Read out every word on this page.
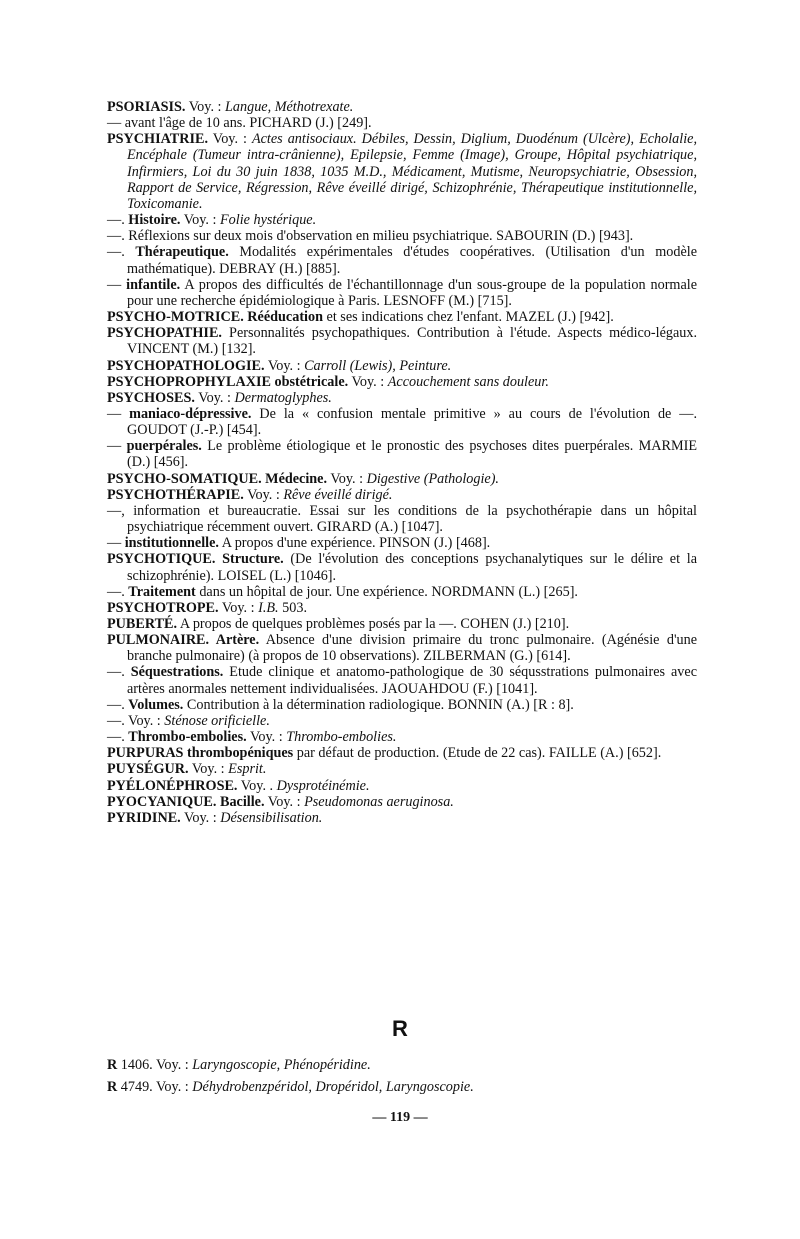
PSORIASIS. Voy. : Langue, Méthotrexate.

— avant l'âge de 10 ans. PICHARD (J.) [249].

PSYCHIATRIE. Voy. : Actes antisociaux. Débiles, Dessin, Diglium, Duodénum (Ulcère), Echolalie, Encéphale (Tumeur intra-crânienne), Epilepsie, Femme (Image), Groupe, Hôpital psychiatrique, Infirmiers, Loi du 30 juin 1838, 1035 M.D., Médicament, Mutisme, Neuropsychiatrie, Obsession, Rapport de Service, Régression, Rêve éveillé dirigé, Schizophrénie, Thérapeutique institutionnelle, Toxicomanie.

—. Histoire. Voy. : Folie hystérique.

—. Réflexions sur deux mois d'observation en milieu psychiatrique. SABOURIN (D.) [943].

—. Thérapeutique. Modalités expérimentales d'études coopératives. (Utilisation d'un modèle mathématique). DEBRAY (H.) [885].

— infantile. A propos des difficultés de l'échantillonnage d'un sous-groupe de la population normale pour une recherche épidémiologique à Paris. LESNOFF (M.) [715].

PSYCHO-MOTRICE. Rééducation et ses indications chez l'enfant. MAZEL (J.) [942].

PSYCHOPATHIE. Personnalités psychopathiques. Contribution à l'étude. Aspects médico-légaux. VINCENT (M.) [132].

PSYCHOPATHOLOGIE. Voy. : Carroll (Lewis), Peinture.

PSYCHOPROPHYLAXIE obstétricale. Voy. : Accouchement sans douleur.

PSYCHOSES. Voy. : Dermatoglyphes.

— maniaco-dépressive. De la « confusion mentale primitive » au cours de l'évolution de —. GOUDOT (J.-P.) [454].

— puerpérales. Le problème étiologique et le pronostic des psychoses dites puerpérales. MARMIE (D.) [456].

PSYCHO-SOMATIQUE. Médecine. Voy. : Digestive (Pathologie).

PSYCHOTHÉRAPIE. Voy. : Rêve éveillé dirigé.

—, information et bureaucratie. Essai sur les conditions de la psychothérapie dans un hôpital psychiatrique récemment ouvert. GIRARD (A.) [1047].

— institutionnelle. A propos d'une expérience. PINSON (J.) [468].

PSYCHOTIQUE. Structure. (De l'évolution des conceptions psychanalytiques sur le délire et la schizophrénie). LOISEL (L.) [1046].

—. Traitement dans un hôpital de jour. Une expérience. NORDMANN (L.) [265].

PSYCHOTROPE. Voy. : I.B. 503.

PUBERTÉ. A propos de quelques problèmes posés par la —. COHEN (J.) [210].

PULMONAIRE. Artère. Absence d'une division primaire du tronc pulmonaire. (Agénésie d'une branche pulmonaire) (à propos de 10 observations). ZILBERMAN (G.) [614].

—. Séquestrations. Etude clinique et anatomo-pathologique de 30 séqusstrations pulmonaires avec artères anormales nettement individualisées. JAOUAHDOU (F.) [1041].

—. Volumes. Contribution à la détermination radiologique. BONNIN (A.) [R : 8].

—. Voy. : Sténose orificielle.

—. Thrombo-embolies. Voy. : Thrombo-embolies.

PURPURAS thrombopéniques par défaut de production. (Etude de 22 cas). FAILLE (A.) [652].

PUYSÉGUR. Voy. : Esprit.

PYÉLONÉPHROSE. Voy. . Dysprotéinémie.

PYOCYANIQUE. Bacille. Voy. : Pseudomonas aeruginosa.

PYRIDINE. Voy. : Désensibilisation.

R

R 1406. Voy. : Laryngoscopie, Phénopéridine.

R 4749. Voy. : Déhydrobenzpéridol, Dropéridol, Laryngoscopie.

— 119 —
